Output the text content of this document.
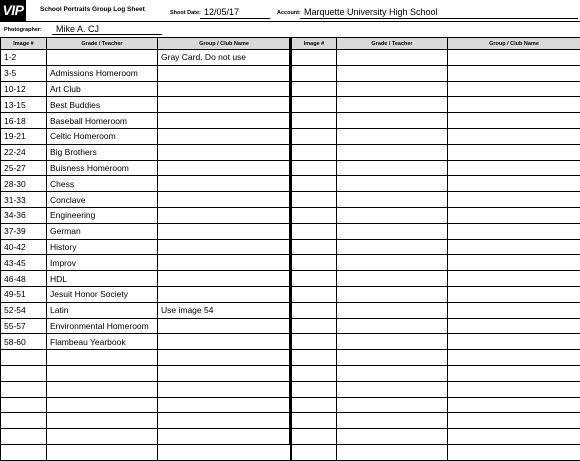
VIP	School Portraits Group Log Sheet	Shoot Date: 12/05/17	Account: Marquette University High School
Photographer: Mike A. CJ
Image #	Grade / Teacher	Group / Club Name
1-2		Gray Card. Do not use
3-5	Admissions Homeroom	
10-12	Art Club	
13-15	Best Buddies	
16-18	Baseball Homeroom	
19-21	Celtic Homeroom	
22-24	Big Brothers	
25-27	Buisness Homeroom	
28-30	Chess	
31-33	Conclave	
34-36	Engineering	
37-39	German	
40-42	History	
43-45	Improv	
46-48	HDL	
49-51	Jesuit Honor Society	
52-54	Latin	Use image 54
55-57	Environmental Homeroom	
58-60	Flambeau Yearbook	

Image #	Grade / Teacher	Group / Club Name
